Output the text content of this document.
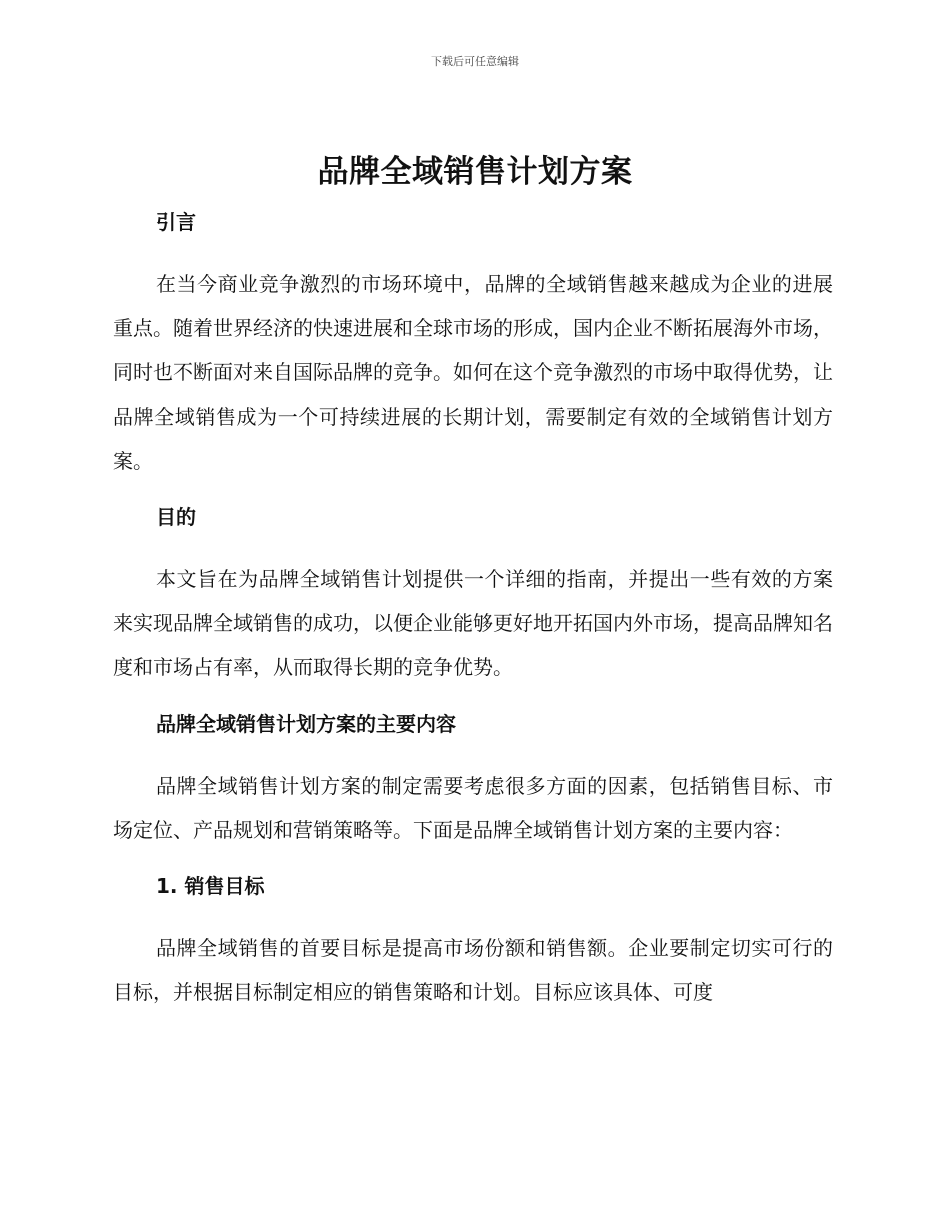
下载后可任意编辑
品牌全域销售计划方案

引言

在当今商业竞争激烈的市场环境中，品牌的全域销售越来越成为企业的进展重点。随着世界经济的快速进展和全球市场的形成，国内企业不断拓展海外市场，同时也不断面对来自国际品牌的竞争。如何在这个竞争激烈的市场中取得优势，让品牌全域销售成为一个可持续进展的长期计划，需要制定有效的全域销售计划方案。

目的

本文旨在为品牌全域销售计划提供一个详细的指南，并提出一些有效的方案来实现品牌全域销售的成功，以便企业能够更好地开拓国内外市场，提高品牌知名度和市场占有率，从而取得长期的竞争优势。

品牌全域销售计划方案的主要内容

品牌全域销售计划方案的制定需要考虑很多方面的因素，包括销售目标、市场定位、产品规划和营销策略等。下面是品牌全域销售计划方案的主要内容：

1. 销售目标

品牌全域销售的首要目标是提高市场份额和销售额。企业要制定切实可行的目标，并根据目标制定相应的销售策略和计划。目标应该具体、可度
